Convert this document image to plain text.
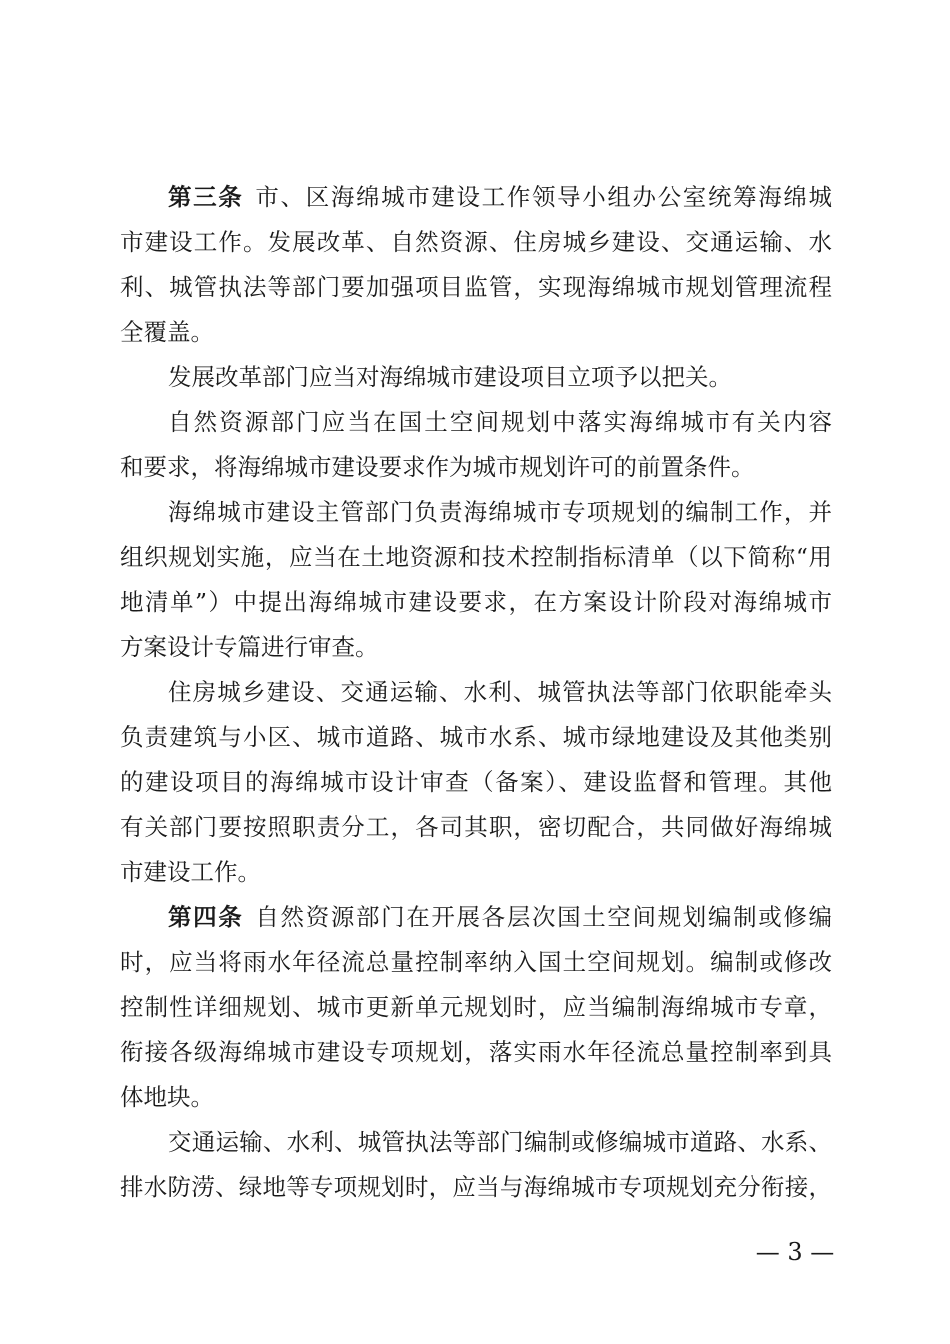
第三条 市、区海绵城市建设工作领导小组办公室统筹海绵城
市建设工作。发展改革、自然资源、住房城乡建设、交通运输、水
利、城管执法等部门要加强项目监管，实现海绵城市规划管理流程
全覆盖。
发展改革部门应当对海绵城市建设项目立项予以把关。
自然资源部门应当在国土空间规划中落实海绵城市有关内容
和要求，将海绵城市建设要求作为城市规划许可的前置条件。
海绵城市建设主管部门负责海绵城市专项规划的编制工作，并
组织规划实施，应当在土地资源和技术控制指标清单（以下简称“用
地清单”）中提出海绵城市建设要求，在方案设计阶段对海绵城市
方案设计专篇进行审查。
住房城乡建设、交通运输、水利、城管执法等部门依职能牵头
负责建筑与小区、城市道路、城市水系、城市绿地建设及其他类别
的建设项目的海绵城市设计审查（备案）、建设监督和管理。其他
有关部门要按照职责分工，各司其职，密切配合，共同做好海绵城
市建设工作。
第四条 自然资源部门在开展各层次国土空间规划编制或修编
时，应当将雨水年径流总量控制率纳入国土空间规划。编制或修改
控制性详细规划、城市更新单元规划时，应当编制海绵城市专章，
衔接各级海绵城市建设专项规划，落实雨水年径流总量控制率到具
体地块。
交通运输、水利、城管执法等部门编制或修编城市道路、水系、
排水防涝、绿地等专项规划时，应当与海绵城市专项规划充分衔接，
— 3 —
